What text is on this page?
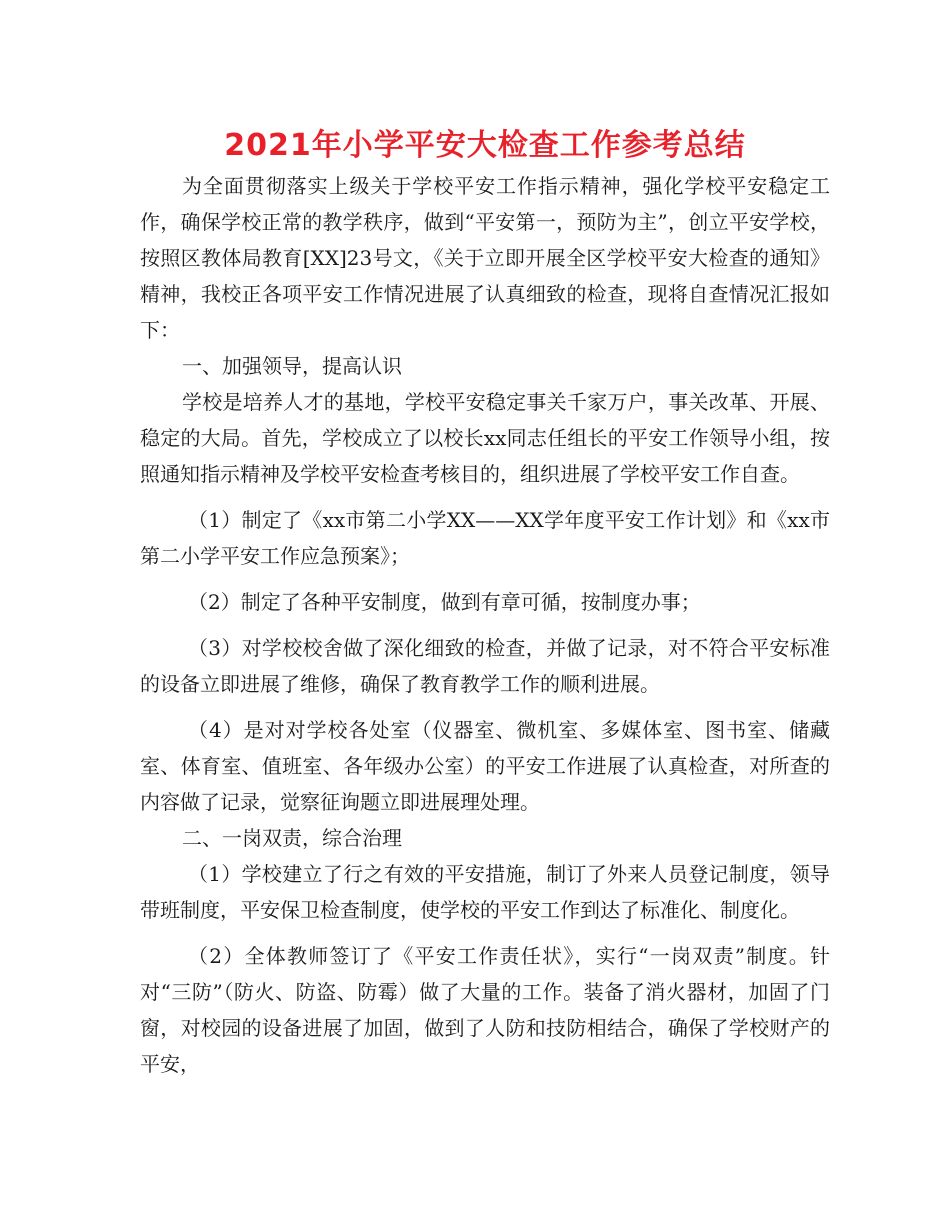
2021年小学平安大检查工作参考总结

为全面贯彻落实上级关于学校平安工作指示精神，强化学校平安稳定工作，确保学校正常的教学秩序，做到“平安第一，预防为主”，创立平安学校，按照区教体局教育[XX]23号文，《关于立即开展全区学校平安大检查的通知》精神，我校正各项平安工作情况进展了认真细致的检查，现将自查情况汇报如下：

一、加强领导，提高认识

学校是培养人才的基地，学校平安稳定事关千家万户，事关改革、开展、稳定的大局。首先，学校成立了以校长xx同志任组长的平安工作领导小组，按照通知指示精神及学校平安检查考核目的，组织进展了学校平安工作自查。

（1）制定了《xx市第二小学XX——XX学年度平安工作计划》和《xx市第二小学平安工作应急预案》；

（2）制定了各种平安制度，做到有章可循，按制度办事；

（3）对学校校舍做了深化细致的检查，并做了记录，对不符合平安标准的设备立即进展了维修，确保了教育教学工作的顺利进展。

（4）是对对学校各处室（仪器室、微机室、多媒体室、图书室、储藏室、体育室、值班室、各年级办公室）的平安工作进展了认真检查，对所查的内容做了记录，觉察征询题立即进展理处理。

二、一岗双责，综合治理

（1）学校建立了行之有效的平安措施，制订了外来人员登记制度，领导带班制度，平安保卫检查制度，使学校的平安工作到达了标准化、制度化。

（2）全体教师签订了《平安工作责任状》，实行“一岗双责”制度。针对“三防”（防火、防盗、防霉）做了大量的工作。装备了消火器材，加固了门窗，对校园的设备进展了加固，做到了人防和技防相结合，确保了学校财产的平安，
